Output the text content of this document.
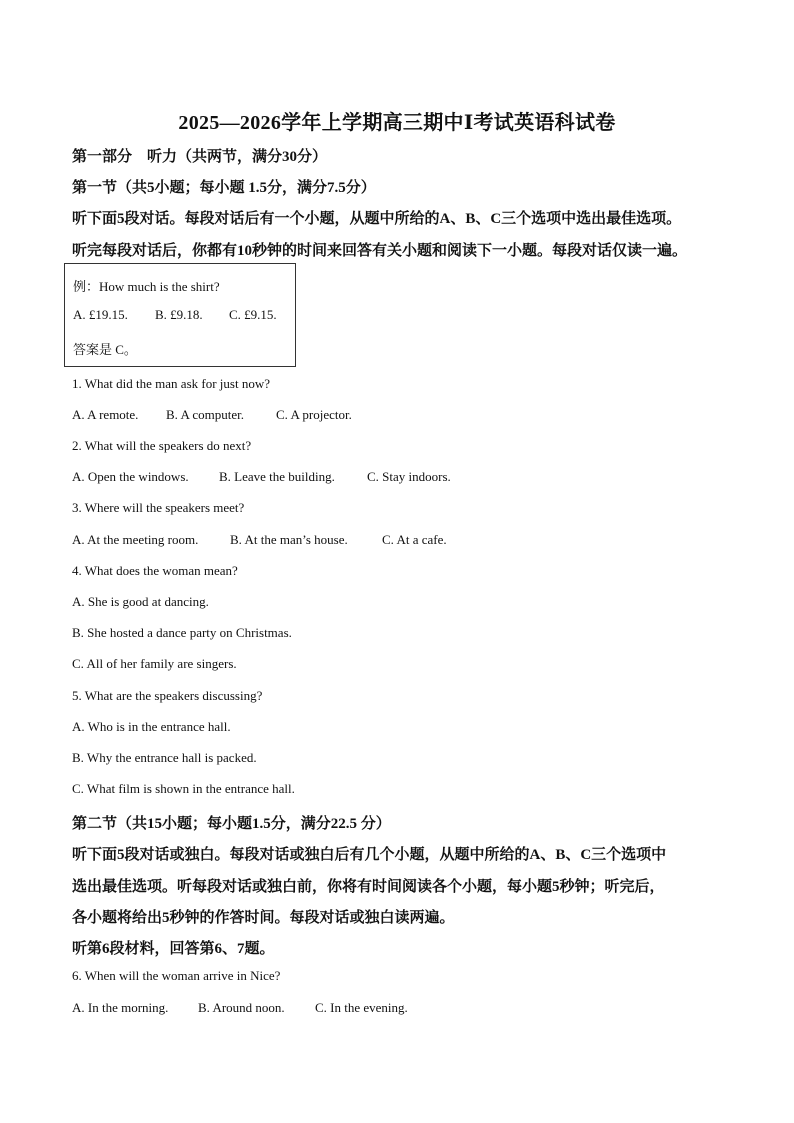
2025—2026学年上学期高三期中Ⅰ考试英语科试卷
第一部分　听力（共两节，满分30分）
第一节（共5小题；每小题 1.5分，满分7.5分）
听下面5段对话。每段对话后有一个小题，从题中所给的A、B、C三个选项中选出最佳选项。
听完每段对话后，你都有10秒钟的时间来回答有关小题和阅读下一小题。每段对话仅读一遍。
例：How much is the shirt?
A. £19.15. B. £9.18. C. £9.15.
答案是 C。
1. What did the man ask for just now?
A. A remote. B. A computer. C. A projector.
2. What will the speakers do next?
A. Open the windows. B. Leave the building. C. Stay indoors.
3. Where will the speakers meet?
A. At the meeting room. B. At the man’s house.	C. At a cafe.
4. What does the woman mean?
A. She is good at dancing.
B. She hosted a dance party on Christmas.
C. All of her family are singers.
5. What are the speakers discussing?
A. Who is in the entrance hall.
B. Why the entrance hall is packed.
C. What film is shown in the entrance hall.
第二节（共15小题；每小题1.5分，满分22.5 分）
听下面5段对话或独白。每段对话或独白后有几个小题，从题中所给的A、B、C三个选项中
选出最佳选项。听每段对话或独白前，你将有时间阅读各个小题，每小题5秒钟；听完后，
各小题将给出5秒钟的作答时间。每段对话或独白读两遍。
听第6段材料，回答第6、7题。
6. When will the woman arrive in Nice?
A. In the morning. B. Around noon. C. In the evening.
